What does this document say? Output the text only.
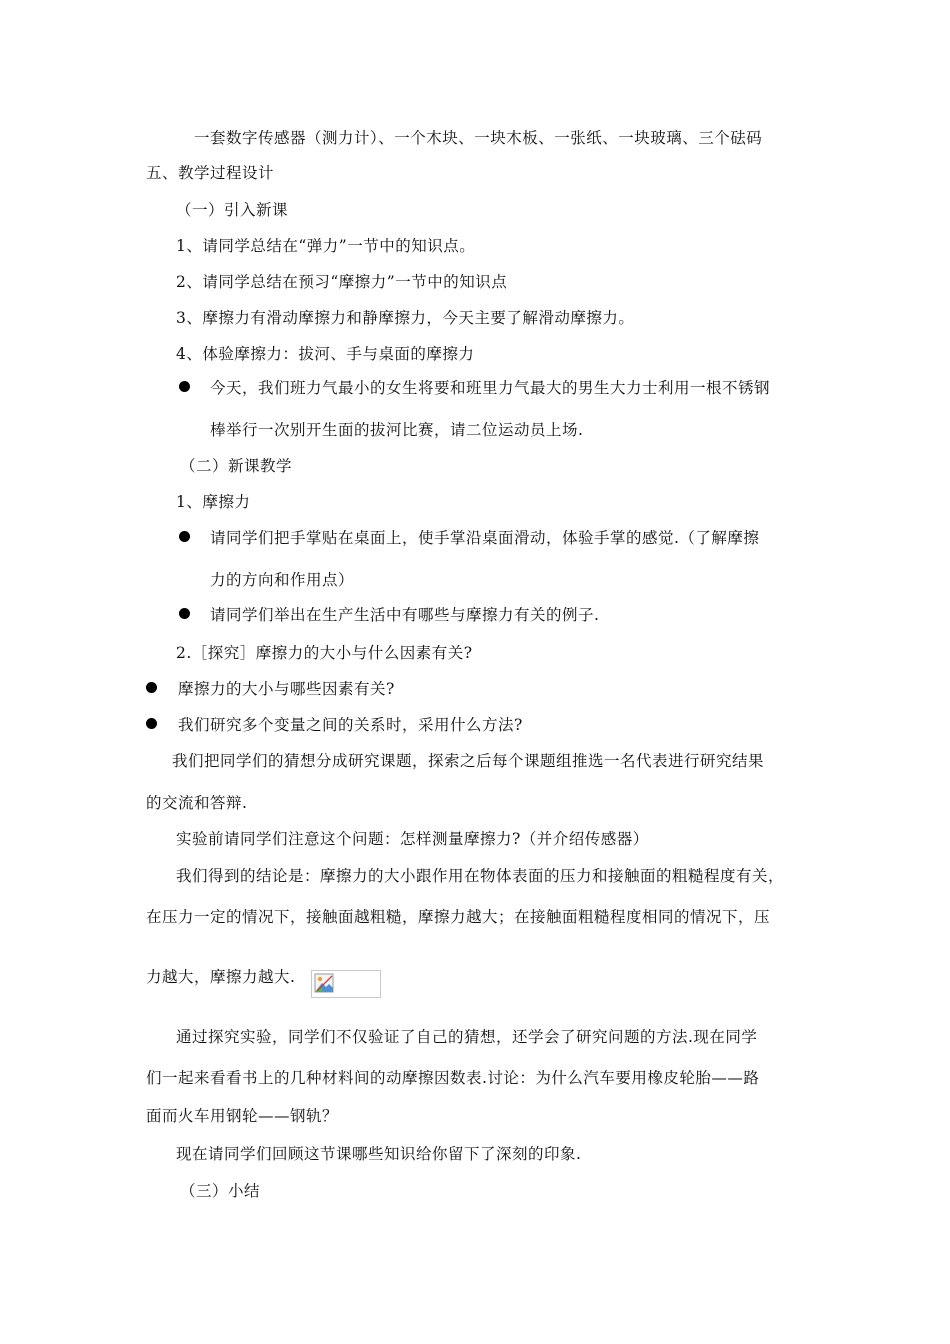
一套数字传感器（测力计）、一个木块、一块木板、一张纸、一块玻璃、三个砝码
五、教学过程设计
（一）引入新课
1、请同学总结在“弹力”一节中的知识点。
2、请同学总结在预习“摩擦力”一节中的知识点
3、摩擦力有滑动摩擦力和静摩擦力，今天主要了解滑动摩擦力。
4、体验摩擦力：拔河、手与桌面的摩擦力
今天，我们班力气最小的女生将要和班里力气最大的男生大力士利用一根不锈钢
棒举行一次别开生面的拔河比赛，请二位运动员上场.
（二）新课教学
1、摩擦力
请同学们把手掌贴在桌面上，使手掌沿桌面滑动，体验手掌的感觉.（了解摩擦
力的方向和作用点）
请同学们举出在生产生活中有哪些与摩擦力有关的例子.
2.［探究］摩擦力的大小与什么因素有关?
摩擦力的大小与哪些因素有关?
我们研究多个变量之间的关系时，采用什么方法?
我们把同学们的猜想分成研究课题，探索之后每个课题组推选一名代表进行研究结果
的交流和答辩.
实验前请同学们注意这个问题：怎样测量摩擦力?（并介绍传感器）
我们得到的结论是：摩擦力的大小跟作用在物体表面的压力和接触面的粗糙程度有关，
在压力一定的情况下，接触面越粗糙，摩擦力越大；在接触面粗糙程度相同的情况下，压
力越大，摩擦力越大.
通过探究实验，同学们不仅验证了自己的猜想，还学会了研究问题的方法.现在同学
们一起来看看书上的几种材料间的动摩擦因数表.讨论：为什么汽车要用橡皮轮胎——路
面而火车用钢轮——钢轨？
现在请同学们回顾这节课哪些知识给你留下了深刻的印象.
（三）小结
